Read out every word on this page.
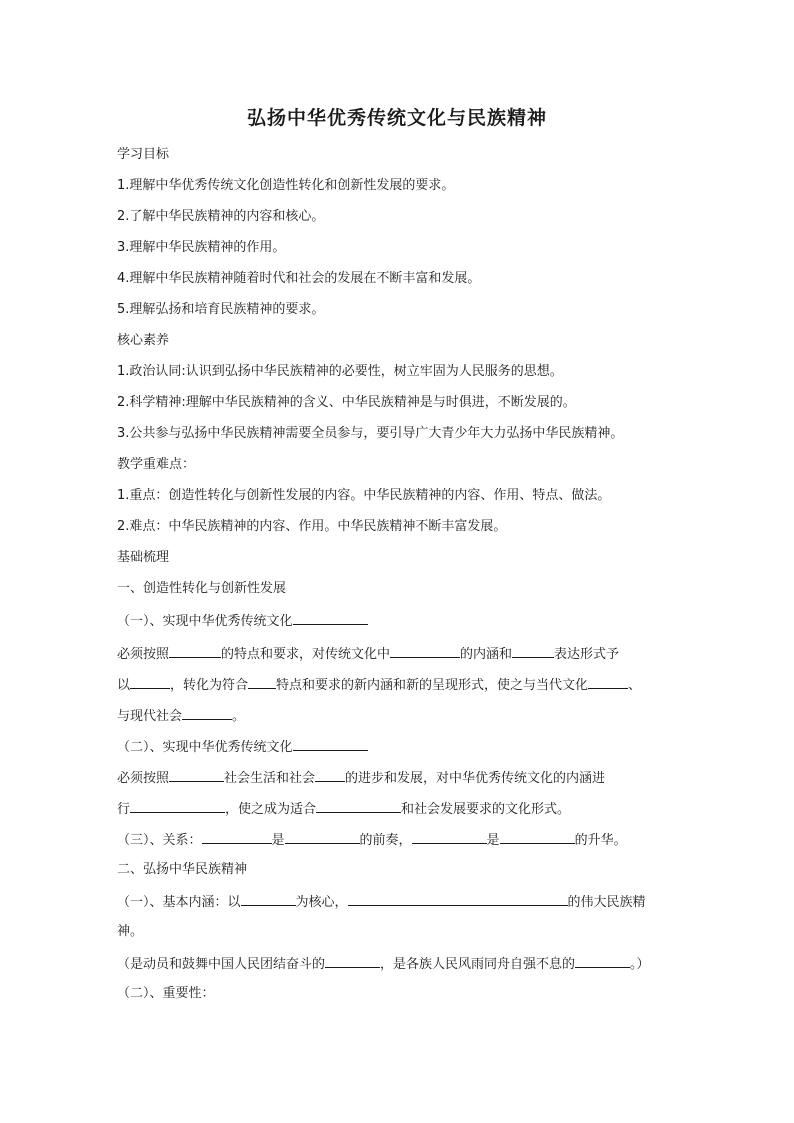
弘扬中华优秀传统文化与民族精神
学习目标
1.理解中华优秀传统文化创造性转化和创新性发展的要求。
2.了解中华民族精神的内容和核心。
3.理解中华民族精神的作用。
4.理解中华民族精神随着时代和社会的发展在不断丰富和发展。
5.理解弘扬和培育民族精神的要求。
核心素养
1.政治认同:认识到弘扬中华民族精神的必要性，树立牢固为人民服务的思想。
2.科学精神:理解中华民族精神的含义、中华民族精神是与时俱进，不断发展的。
3.公共参与弘扬中华民族精神需要全员参与，要引导广大青少年大力弘扬中华民族精神。
教学重难点：
1.重点：创造性转化与创新性发展的内容。中华民族精神的内容、作用、特点、做法。
2.难点：中华民族精神的内容、作用。中华民族精神不断丰富发展。
基础梳理
一、创造性转化与创新性发展
（一）、实现中华优秀传统文化
必须按照	的特点和要求，对传统文化中	的内涵和	表达形式予
以	，转化为符合 特点和要求的新内涵和新的呈现形式，使之与当代文化	、
与现代社会	。
（二）、实现中华优秀传统文化
必须按照	社会生活和社会 的进步和发展，对中华优秀传统文化的内涵进
行	，使之成为适合	和社会发展要求的文化形式。
（三）、关系：	是	的前奏，	是	的升华。
二、弘扬中华民族精神
（一）、基本内涵：以	为核心，	的伟大民族精
神。
（是动员和鼓舞中国人民团结奋斗的	，是各族人民风雨同舟自强不息的	。）
（二）、重要性：
